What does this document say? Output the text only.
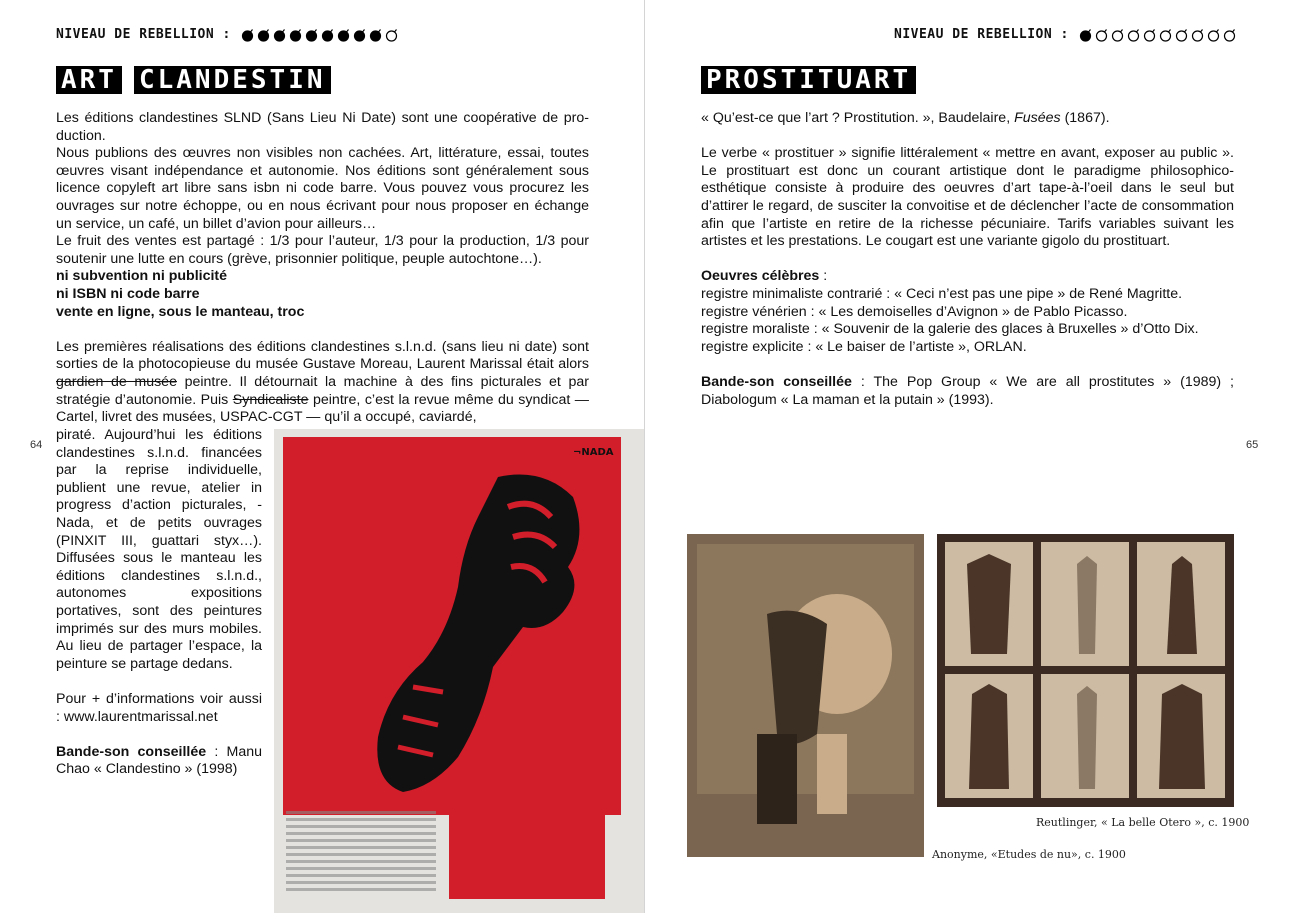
NIVEAU DE REBELLION :
ART CLANDESTIN

Les éditions clandestines SLND (Sans Lieu Ni Date) sont une coopérative de pro-duction.

Nous publions des œuvres non visibles non cachées. Art, littérature, essai, toutes œuvres visant indépendance et autonomie. Nos éditions sont généralement sous licence copyleft art libre sans isbn ni code barre. Vous pouvez vous procurez les ouvrages sur notre échoppe, ou en nous écrivant pour nous proposer en échange un service, un café, un billet d’avion pour ailleurs…

Le fruit des ventes est partagé : 1/3 pour l’auteur, 1/3 pour la production, 1/3 pour soutenir une lutte en cours (grève, prisonnier politique, peuple autochtone…).

ni subvention ni publicité

ni ISBN ni code barre

vente en ligne, sous le manteau, troc

Les premières réalisations des éditions clandestines s.l.n.d. (sans lieu ni date) sont sorties de la photocopieuse du musée Gustave Moreau, Laurent Marissal était alors gardien de musée peintre. Il détournait la machine à des fins picturales et par stratégie d’autonomie. Puis Syndicaliste peintre, c’est la revue même du syndicat — Cartel, livret des musées, USPAC-CGT — qu’il a occupé, caviardé,

piraté. Aujourd’hui les éditions clandestines s.l.n.d. financées par la reprise individuelle, publient une revue, atelier in progress d’action picturales, -Nada, et de petits ouvrages (PINXIT III, guattari styx…). Diffusées sous le manteau les éditions clandestines s.l.n.d., autonomes expositions portatives, sont des peintures imprimés sur des murs mobiles. Au lieu de partager l’espace, la peinture se partage dedans.

Pour + d’informations voir aussi : www.laurentmarissal.net

Bande-son conseillée : Manu Chao « Clandestino » (1998)

64
¬NADA
NIVEAU DE REBELLION :
PROSTITUART

« Qu’est-ce que l’art ? Prostitution. », Baudelaire, Fusées (1867).

Le verbe « prostituer » signifie littéralement « mettre en avant, exposer au public ». Le prostituart est donc un courant artistique dont le paradigme philosophico-esthétique consiste à produire des oeuvres d’art tape-à-l’oeil dans le seul but d’attirer le regard, de susciter la convoitise et de déclencher l’acte de consommation afin que l’artiste en retire de la richesse pécuniaire. Tarifs variables suivant les artistes et les prestations. Le cougart est une variante gigolo du prostituart.

Oeuvres célèbres :

registre minimaliste contrarié : « Ceci n’est pas une pipe » de René Magritte.

registre vénérien : « Les demoiselles d’Avignon » de Pablo Picasso.

registre moraliste : « Souvenir de la galerie des glaces à Bruxelles » d’Otto Dix.

registre explicite : « Le baiser de l’artiste », ORLAN.

Bande-son conseillée : The Pop Group « We are all prostitutes » (1989) ; Diabologum « La maman et la putain » (1993).

65
Reutlinger, « La belle Otero », c. 1900
Anonyme, «Etudes de nu», c. 1900
